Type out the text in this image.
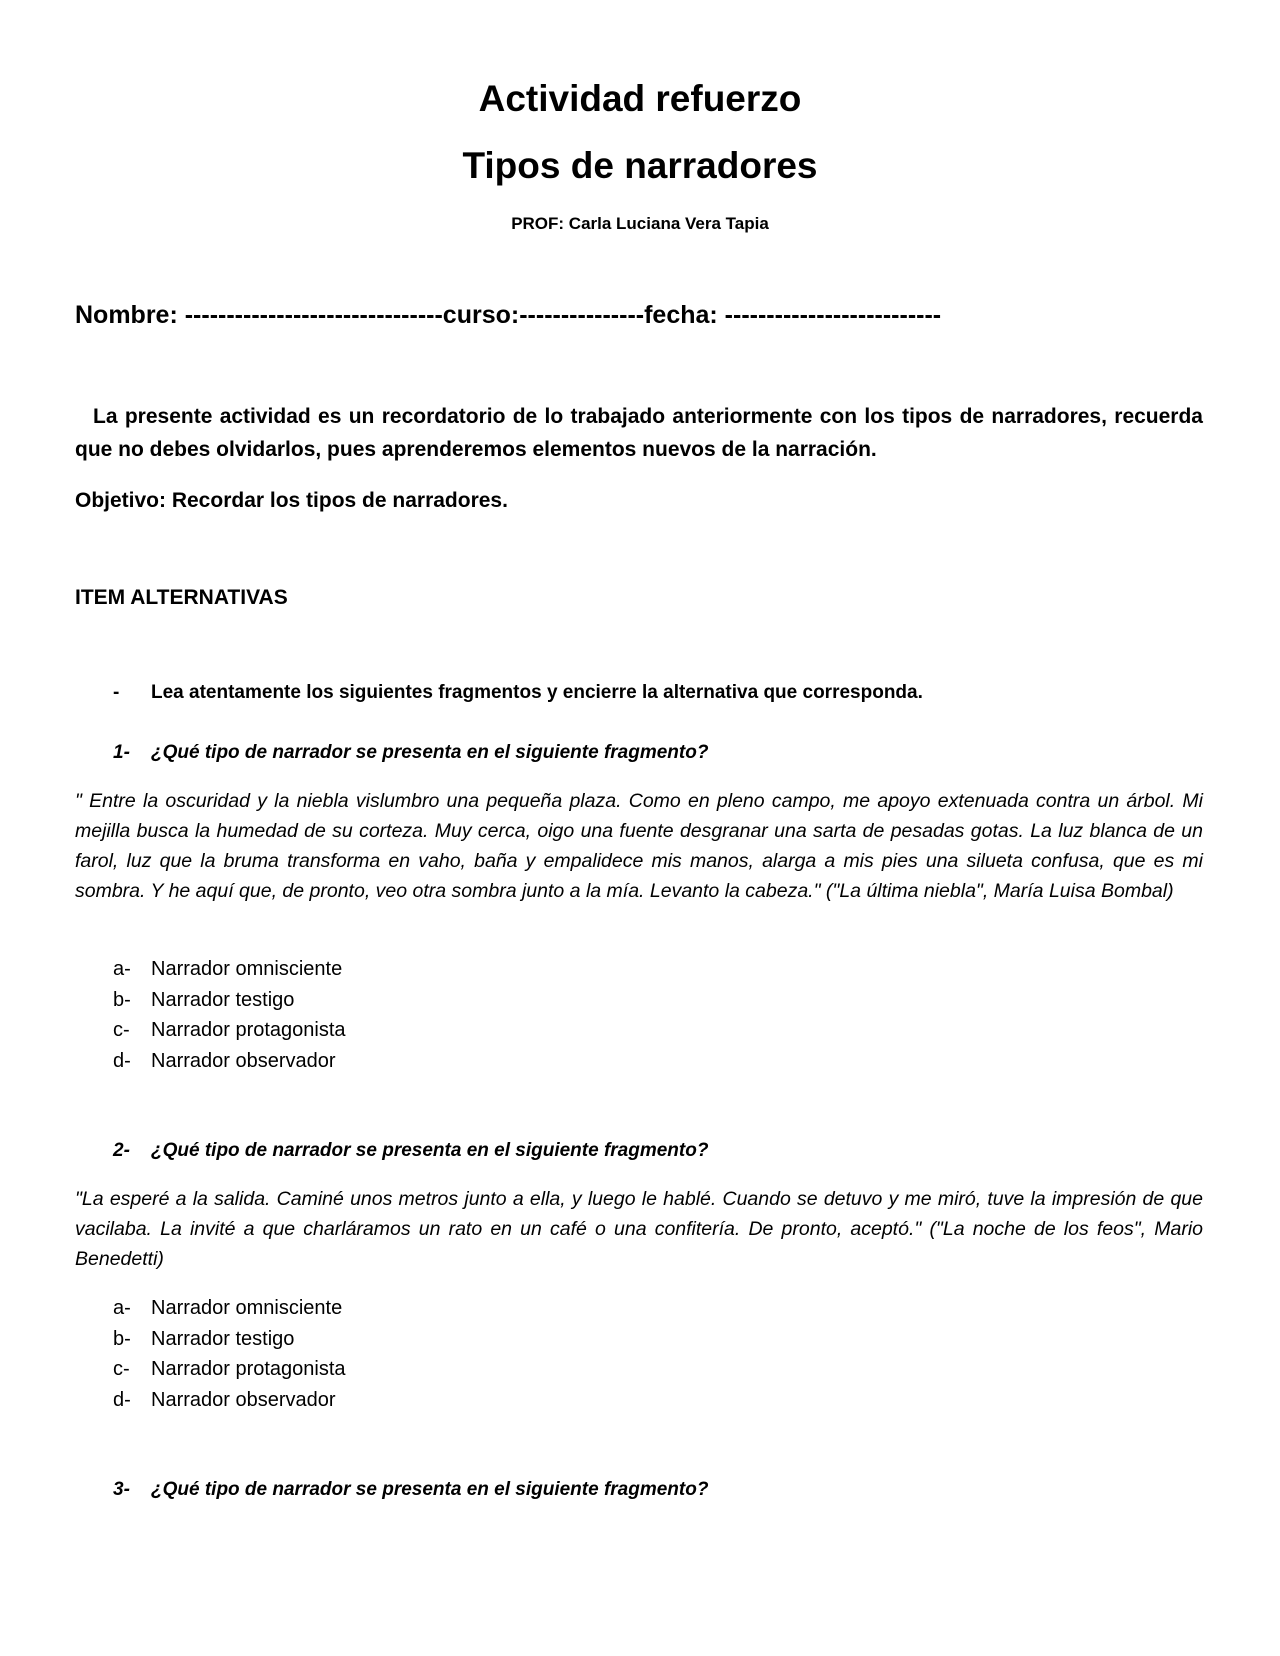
Actividad refuerzo
Tipos de narradores
PROF: Carla Luciana Vera Tapia
Nombre: -------------------------------curso:---------------fecha: --------------------------
La presente actividad es un recordatorio de lo trabajado anteriormente con los tipos de narradores, recuerda que no debes olvidarlos, pues aprenderemos elementos nuevos de la narración.
Objetivo: Recordar los tipos de narradores.
ITEM ALTERNATIVAS
- Lea atentamente los siguientes fragmentos y encierre la alternativa que corresponda.
1- ¿Qué tipo de narrador se presenta en el siguiente fragmento?
" Entre la oscuridad y la niebla vislumbro una pequeña plaza. Como en pleno campo, me apoyo extenuada contra un árbol. Mi mejilla busca la humedad de su corteza. Muy cerca, oigo una fuente desgranar una sarta de pesadas gotas. La luz blanca de un farol, luz que la bruma transforma en vaho, baña y empalidece mis manos, alarga a mis pies una silueta confusa, que es mi sombra. Y he aquí que, de pronto, veo otra sombra junto a la mía. Levanto la cabeza." ("La última niebla", María Luisa Bombal)
a- Narrador omnisciente
b- Narrador testigo
c- Narrador protagonista
d- Narrador observador
2- ¿Qué tipo de narrador se presenta en el siguiente fragmento?
"La esperé a la salida. Caminé unos metros junto a ella, y luego le hablé. Cuando se detuvo y me miró, tuve la impresión de que vacilaba. La invité a que charláramos un rato en un café o una confitería. De pronto, aceptó." ("La noche de los feos", Mario Benedetti)
a- Narrador omnisciente
b- Narrador testigo
c- Narrador protagonista
d- Narrador observador
3- ¿Qué tipo de narrador se presenta en el siguiente fragmento?
